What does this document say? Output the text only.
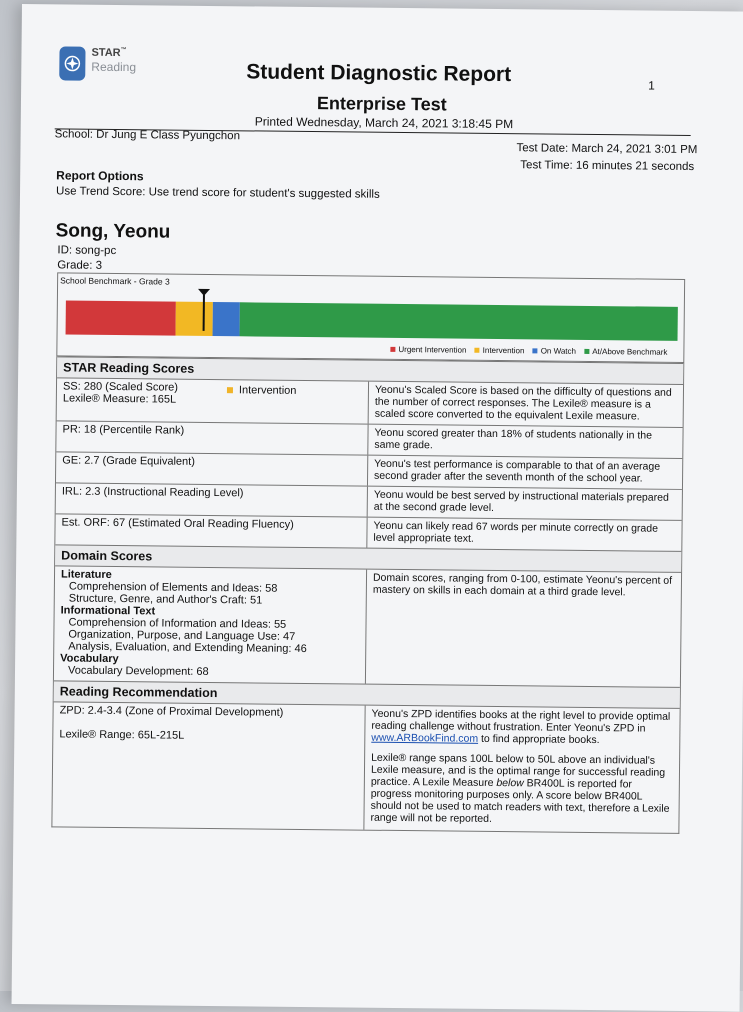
STAR™
Reading	Student Diagnostic Report
Enterprise Test
1
Printed Wednesday, March 24, 2021 3:18:45 PM
School: Dr Jung E Class Pyungchon
Test Date: March 24, 2021 3:01 PM
Test Time: 16 minutes 21 seconds
Report Options
Use Trend Score: Use trend score for student's suggested skills
Song, Yeonu
ID: song-pc
Grade: 3
School Benchmark - Grade 3
Urgent Intervention Intervention On Watch At/Above Benchmark
STAR Reading Scores
SS: 280 (Scaled Score)
Lexile® Measure: 165L
Intervention	Yeonu's Scaled Score is based on the difficulty of questions and the number of correct responses. The Lexile® measure is a scaled score converted to the equivalent Lexile measure.
PR: 18 (Percentile Rank)	Yeonu scored greater than 18% of students nationally in the same grade.
GE: 2.7 (Grade Equivalent)	Yeonu's test performance is comparable to that of an average second grader after the seventh month of the school year.
IRL: 2.3 (Instructional Reading Level)	Yeonu would be best served by instructional materials prepared at the second grade level.
Est. ORF: 67 (Estimated Oral Reading Fluency)	Yeonu can likely read 67 words per minute correctly on grade level appropriate text.
Domain Scores
Literature
Comprehension of Elements and Ideas: 58
Structure, Genre, and Author's Craft: 51
Informational Text
Comprehension of Information and Ideas: 55
Organization, Purpose, and Language Use: 47
Analysis, Evaluation, and Extending Meaning: 46
Vocabulary
Vocabulary Development: 68
Domain scores, ranging from 0-100, estimate Yeonu's percent of mastery on skills in each domain at a third grade level.
Reading Recommendation
ZPD: 2.4-3.4 (Zone of Proximal Development)
Lexile® Range: 65L-215L
Yeonu's ZPD identifies books at the right level to provide optimal reading challenge without frustration. Enter Yeonu's ZPD in www.ARBookFind.com to find appropriate books.
Lexile® range spans 100L below to 50L above an individual's Lexile measure, and is the optimal range for successful reading practice. A Lexile Measure below BR400L is reported for progress monitoring purposes only. A score below BR400L should not be used to match readers with text, therefore a Lexile range will not be reported.
